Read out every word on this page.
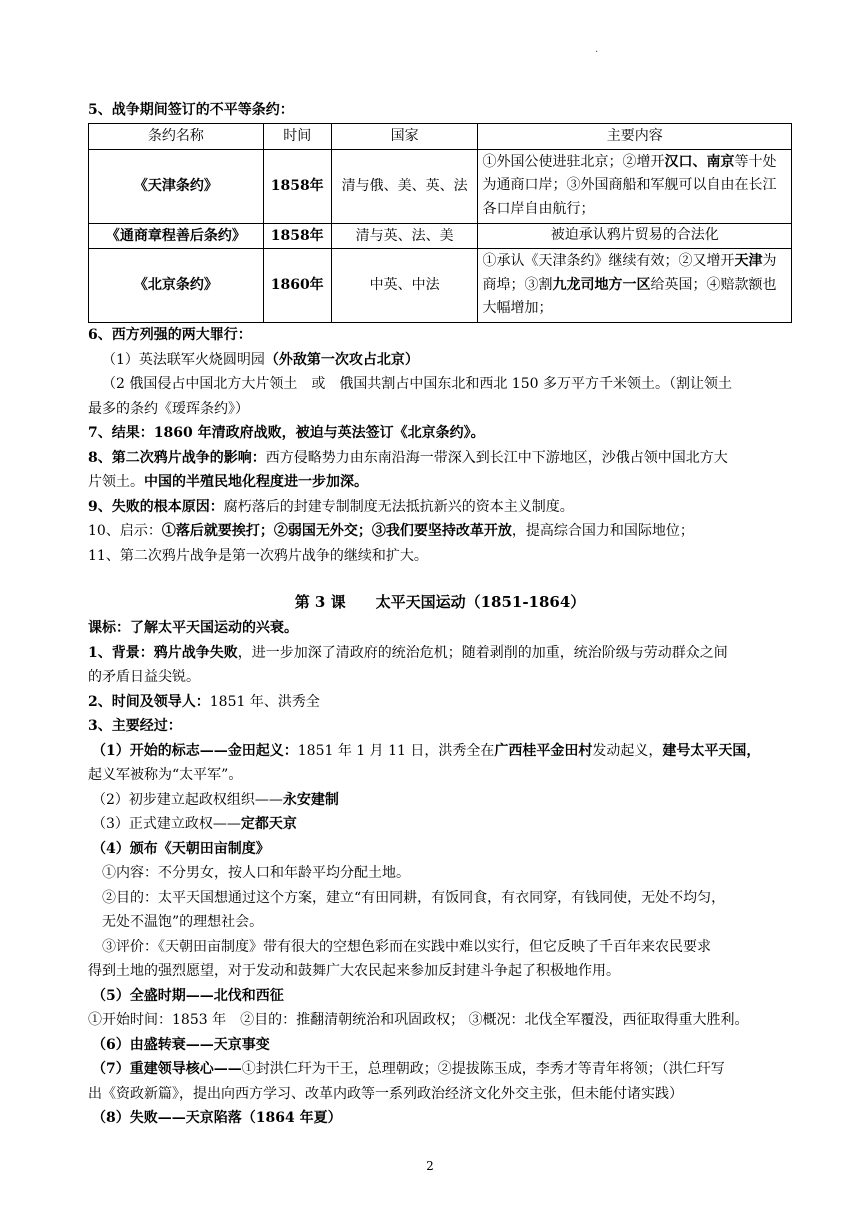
.
5、战争期间签订的不平等条约：
条约名称	时间	国家	主要内容
《天津条约》	1858年	清与俄、美、英、法	①外国公使进驻北京；②增开汉口、南京等十处为通商口岸；③外国商船和军舰可以自由在长江各口岸自由航行；
《通商章程善后条约》	1858年	清与英、法、美	被迫承认鸦片贸易的合法化
《北京条约》	1860年	中英、中法	①承认《天津条约》继续有效；②又增开天津为商埠；③割九龙司地方一区给英国；④赔款额也大幅增加；
6、西方列强的两大罪行：
（1）英法联军火烧圆明园（外敌第一次攻占北京）
（2 俄国侵占中国北方大片领土　或　俄国共割占中国东北和西北 150 多万平方千米领土。（割让领土
最多的条约《瑷珲条约》）
7、结果：1860 年清政府战败，被迫与英法签订《北京条约》。
8、第二次鸦片战争的影响：西方侵略势力由东南沿海一带深入到长江中下游地区，沙俄占领中国北方大
片领土。中国的半殖民地化程度进一步加深。
9、失败的根本原因：腐朽落后的封建专制制度无法抵抗新兴的资本主义制度。
10、启示：①落后就要挨打；②弱国无外交；③我们要坚持改革开放，提高综合国力和国际地位；
11、第二次鸦片战争是第一次鸦片战争的继续和扩大。
第 3 课　　太平天国运动（1851-1864）
课标：了解太平天国运动的兴衰。
1、背景：鸦片战争失败，进一步加深了清政府的统治危机；随着剥削的加重，统治阶级与劳动群众之间
的矛盾日益尖锐。
2、时间及领导人：1851 年、洪秀全
3、主要经过：
（1）开始的标志——金田起义：1851 年 1 月 11 日，洪秀全在广西桂平金田村发动起义，建号太平天国，
起义军被称为“太平军”。
（2）初步建立起政权组织——永安建制
（3）正式建立政权——定都天京
（4）颁布《天朝田亩制度》
①内容：不分男女，按人口和年龄平均分配土地。
②目的：太平天国想通过这个方案，建立“有田同耕，有饭同食，有衣同穿，有钱同使，无处不均匀，
无处不温饱”的理想社会。
③评价：《天朝田亩制度》带有很大的空想色彩而在实践中难以实行，但它反映了千百年来农民要求
得到土地的强烈愿望，对于发动和鼓舞广大农民起来参加反封建斗争起了积极地作用。
（5）全盛时期——北伐和西征
①开始时间：1853 年　②目的：推翻清朝统治和巩固政权； ③概况：北伐全军覆没，西征取得重大胜利。
（6）由盛转衰——天京事变
（7）重建领导核心——①封洪仁玕为干王，总理朝政；②提拔陈玉成，李秀才等青年将领；（洪仁玕写
出《资政新篇》，提出向西方学习、改革内政等一系列政治经济文化外交主张，但未能付诸实践）
（8）失败——天京陷落（1864 年夏）
2
